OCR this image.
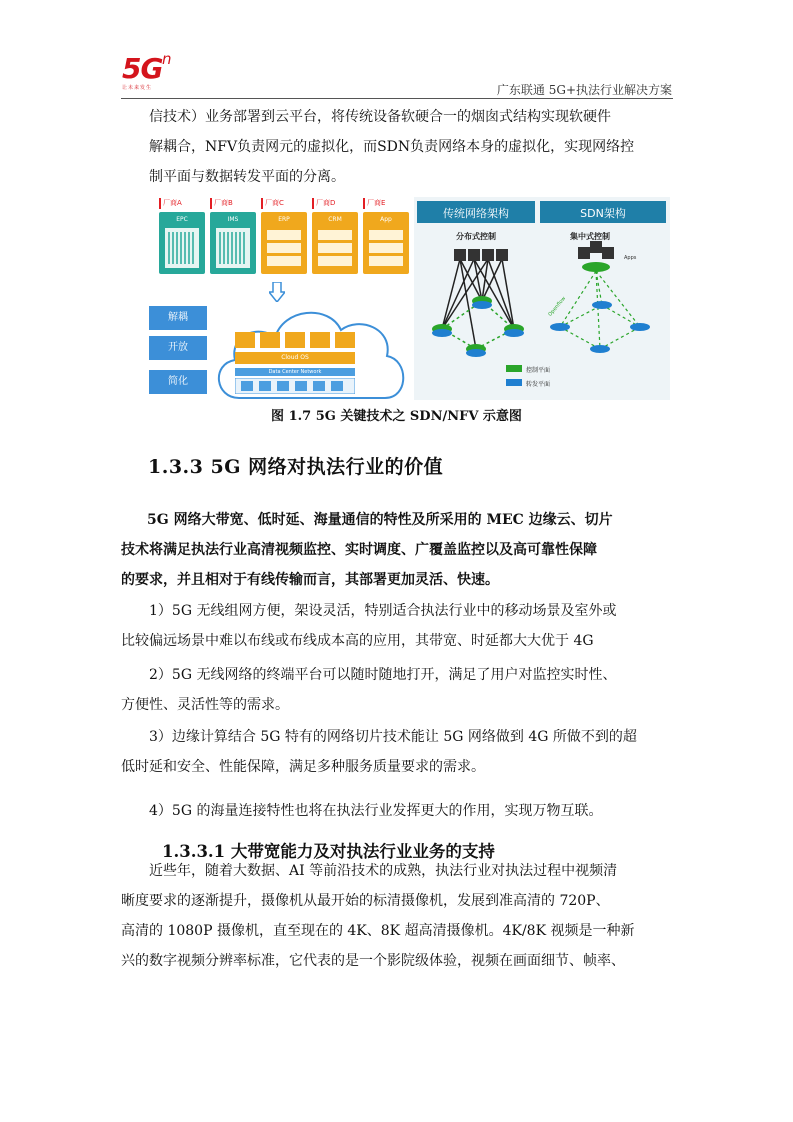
5G n
让未来发生	广东联通 5G+执法行业解决方案
信技术）业务部署到云平台，将传统设备软硬合一的烟囱式结构实现软硬件
解耦合，NFV负责网元的虚拟化，而SDN负责网络本身的虚拟化，实现网络控
制平面与数据转发平面的分离。
厂商A
EPC
厂商B
IMS
厂商C
ERP
厂商D
CRM
厂商E
App
解耦
开放
简化
Cloud OS
Data Center Network
传统网络架构
分布式控制
SDN架构
集中式控制
Apps
Openflow
控制平面
转发平面
图 1.7 5G 关键技术之 SDN/NFV 示意图
1.3.3 5G 网络对执法行业的价值
5G 网络大带宽、低时延、海量通信的特性及所采用的 MEC 边缘云、切片
技术将满足执法行业高清视频监控、实时调度、广覆盖监控以及高可靠性保障
的要求，并且相对于有线传输而言，其部署更加灵活、快速。
1）5G 无线组网方便，架设灵活，特别适合执法行业中的移动场景及室外或
比较偏远场景中难以布线或布线成本高的应用，其带宽、时延都大大优于 4G
2）5G 无线网络的终端平台可以随时随地打开，满足了用户对监控实时性、
方便性、灵活性等的需求。
3）边缘计算结合 5G 特有的网络切片技术能让 5G 网络做到 4G 所做不到的超
低时延和安全、性能保障，满足多种服务质量要求的需求。
4）5G 的海量连接特性也将在执法行业发挥更大的作用，实现万物互联。
1.3.3.1 大带宽能力及对执法行业业务的支持
近些年，随着大数据、AI 等前沿技术的成熟，执法行业对执法过程中视频清
晰度要求的逐渐提升，摄像机从最开始的标清摄像机，发展到准高清的 720P、
高清的 1080P 摄像机，直至现在的 4K、8K 超高清摄像机。4K/8K 视频是一种新
兴的数字视频分辨率标准，它代表的是一个影院级体验，视频在画面细节、帧率、
